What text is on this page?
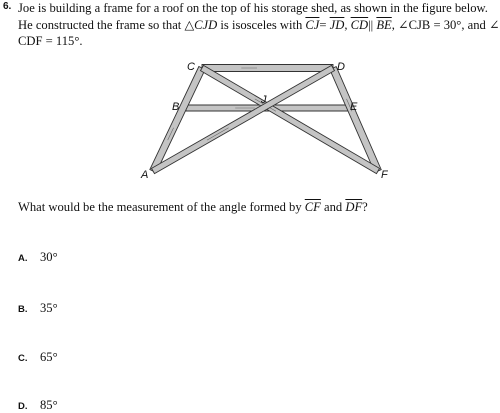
6. Joe is building a frame for a roof on the top of his storage shed, as shown in the figure below.
He constructed the frame so that △CJD is isosceles with $\overline{CJ}= \overline{JD}$, $\overline{CD}||$ $\overline{BE}$, ∠CJB = 30°, and ∠
CDF = 115°.
C	D
B	E
J
A	F
What would be the measurement of the angle formed by $\overline{CF}$ and $\overline{DF}$?
A. 30°
B. 35°
C. 65°
D. 85°
